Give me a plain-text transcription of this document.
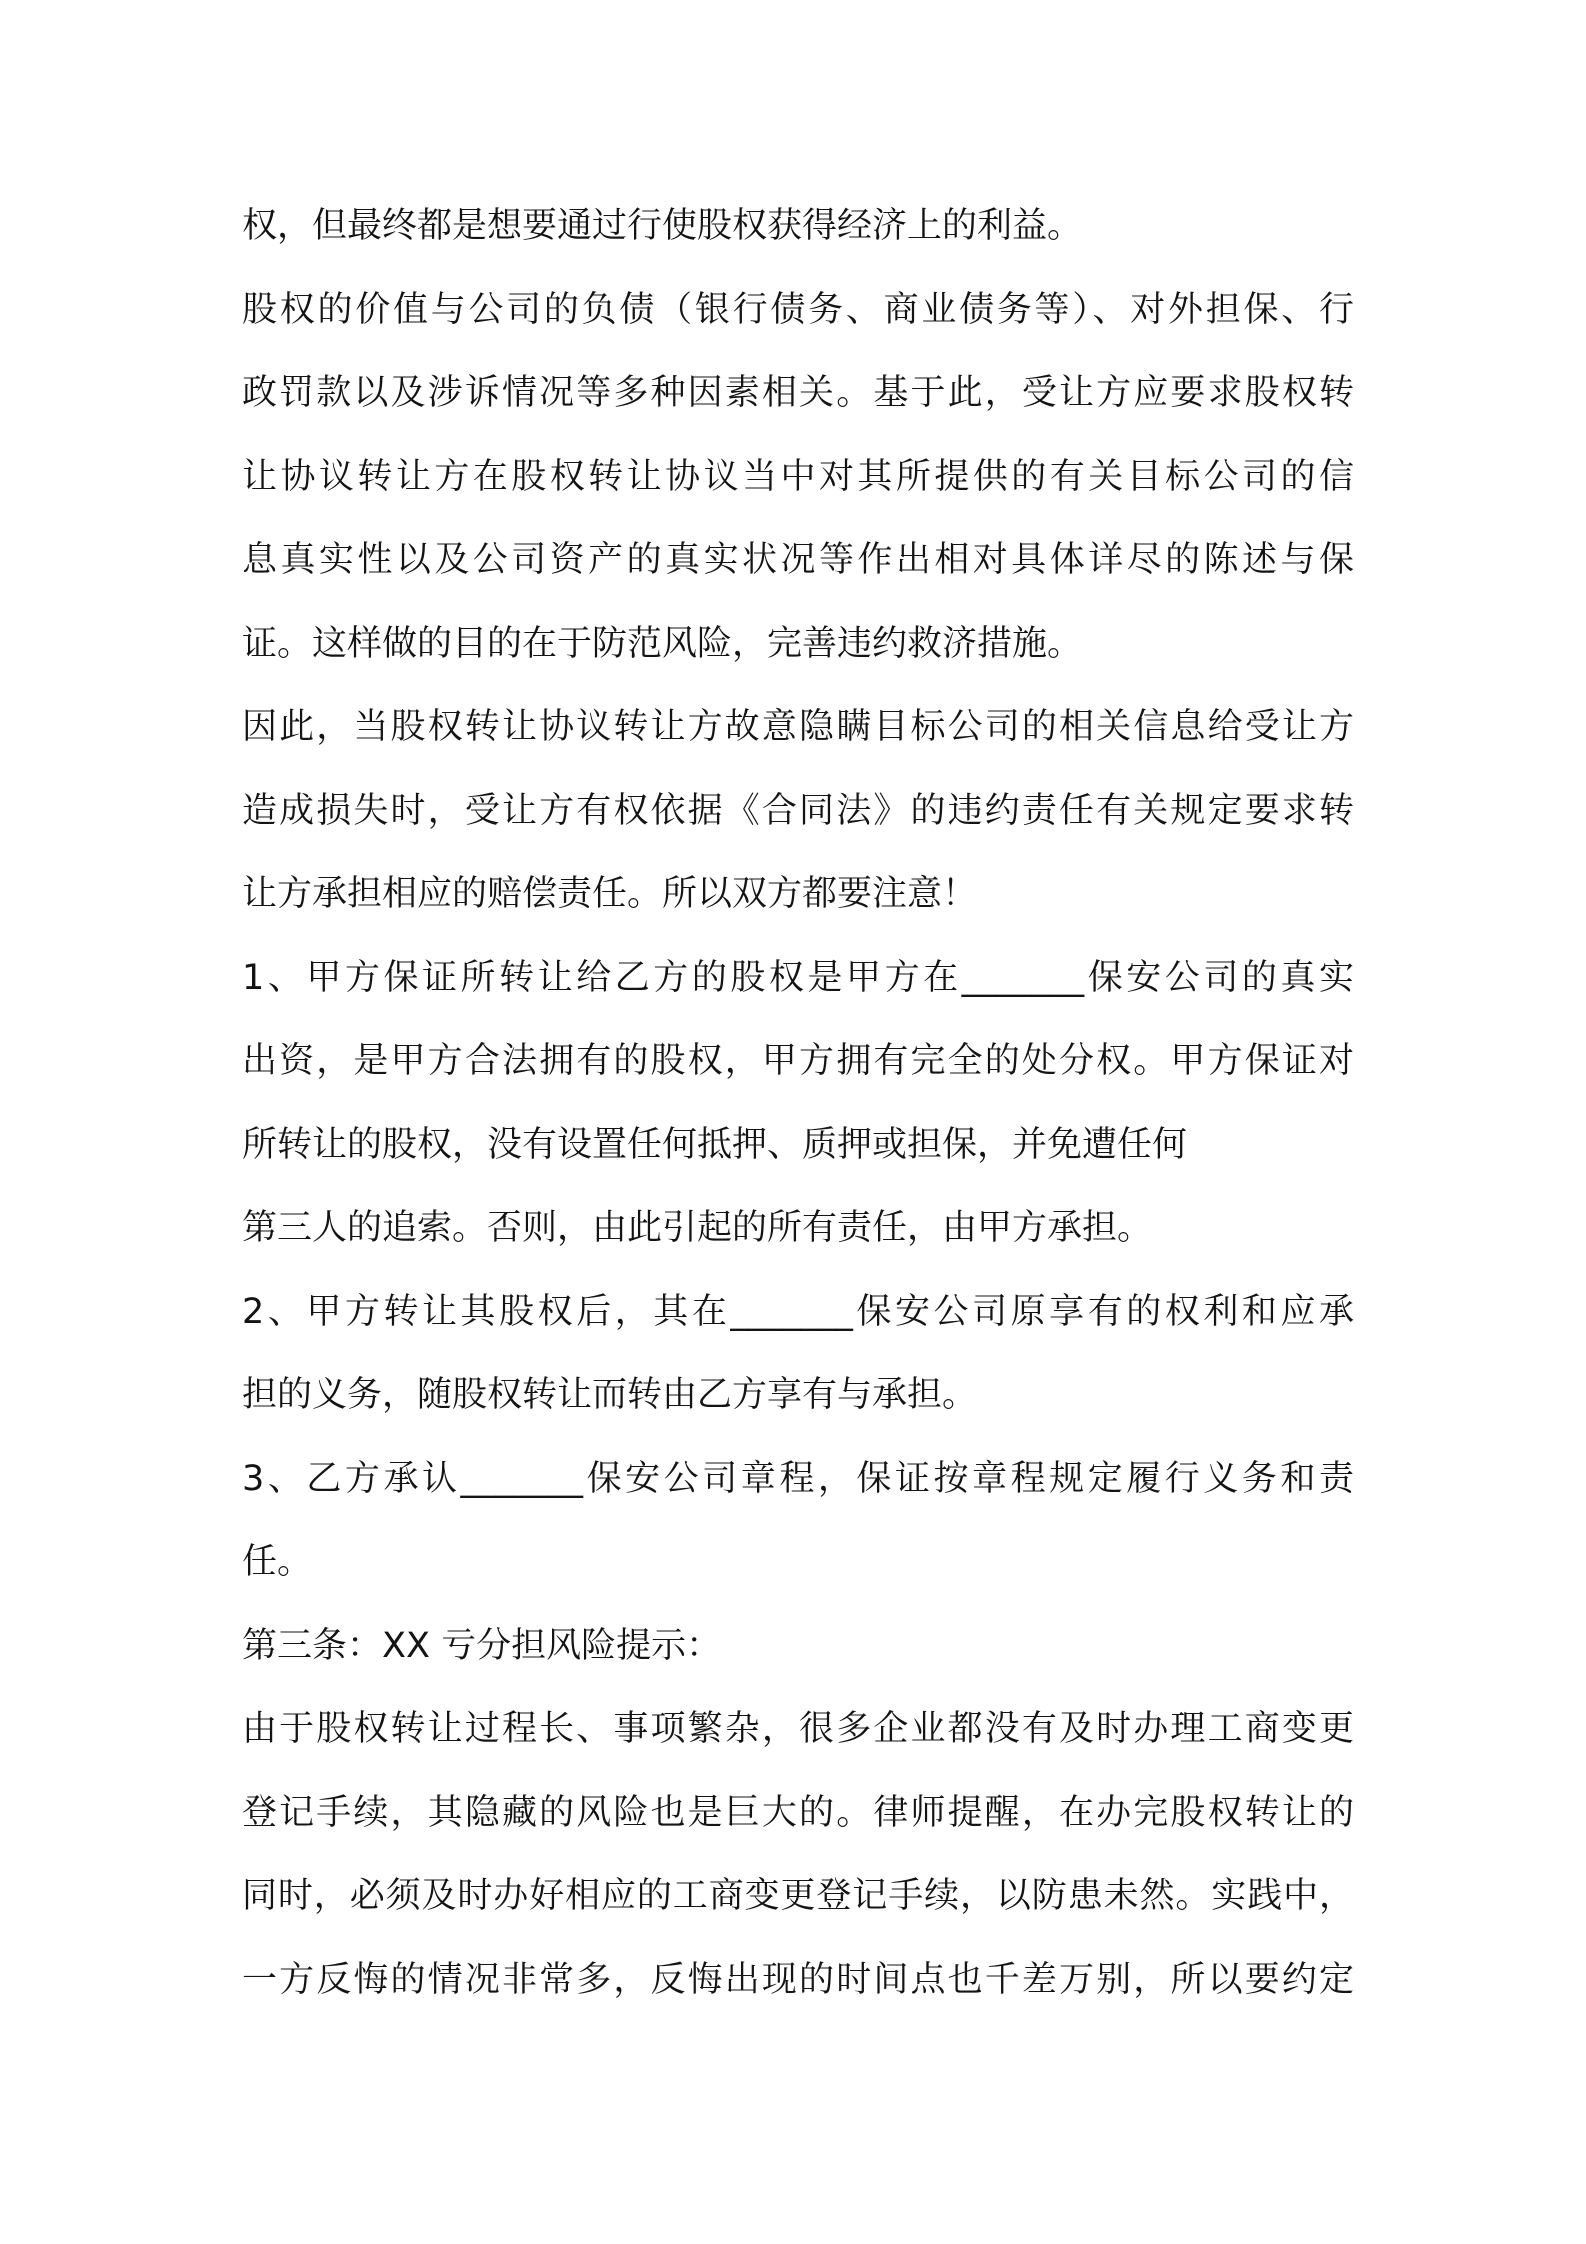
权，但最终都是想要通过行使股权获得经济上的利益。
股权的价值与公司的负债（银行债务、商业债务等）、对外担保、行
政罚款以及涉诉情况等多种因素相关。基于此，受让方应要求股权转
让协议转让方在股权转让协议当中对其所提供的有关目标公司的信
息真实性以及公司资产的真实状况等作出相对具体详尽的陈述与保
证。这样做的目的在于防范风险，完善违约救济措施。
因此，当股权转让协议转让方故意隐瞒目标公司的相关信息给受让方
造成损失时，受让方有权依据《合同法》的违约责任有关规定要求转
让方承担相应的赔偿责任。所以双方都要注意！
1、甲方保证所转让给乙方的股权是甲方在_______保安公司的真实
出资，是甲方合法拥有的股权，甲方拥有完全的处分权。甲方保证对
所转让的股权，没有设置任何抵押、质押或担保，并免遭任何
第三人的追索。否则，由此引起的所有责任，由甲方承担。
2、甲方转让其股权后，其在_______保安公司原享有的权利和应承
担的义务，随股权转让而转由乙方享有与承担。
3、乙方承认_______保安公司章程，保证按章程规定履行义务和责
任。
第三条：XX 亏分担风险提示：
由于股权转让过程长、事项繁杂，很多企业都没有及时办理工商变更
登记手续，其隐藏的风险也是巨大的。律师提醒，在办完股权转让的
同时，必须及时办好相应的工商变更登记手续，以防患未然。实践中，
一方反悔的情况非常多，反悔出现的时间点也千差万别，所以要约定
